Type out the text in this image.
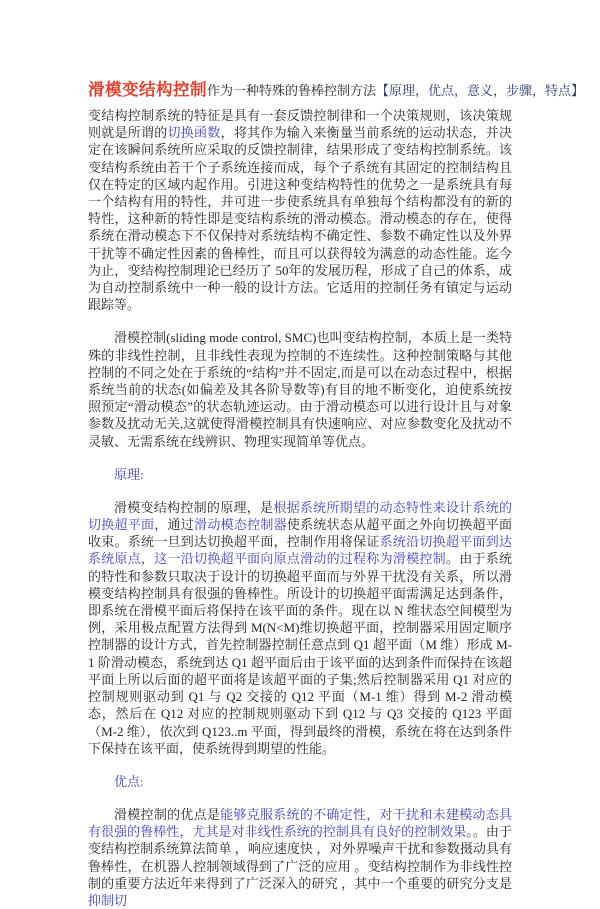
滑模变结构控制作为一种特殊的鲁棒控制方法【原理，优点，意义，步骤，特点】

变结构控制系统的特征是具有一套反馈控制律和一个决策规则，该决策规则就是所谓的切换函数，将其作为输入来衡量当前系统的运动状态，并决定在该瞬间系统所应采取的反馈控制律，结果形成了变结构控制系统。该变结构系统由若干个子系统连接而成，每个子系统有其固定的控制结构且仅在特定的区域内起作用。引进这种变结构特性的优势之一是系统具有每一个结构有用的特性，并可进一步使系统具有单独每个结构都没有的新的特性，这种新的特性即是变结构系统的滑动模态。滑动模态的存在，使得系统在滑动模态下不仅保持对系统结构不确定性、参数不确定性以及外界干扰等不确定性因素的鲁棒性，而且可以获得较为满意的动态性能。迄今为止，变结构控制理论已经历了 50年的发展历程，形成了自己的体系，成为自动控制系统中一种一般的设计方法。它适用的控制任务有镇定与运动跟踪等。

滑模控制(sliding mode control, SMC)也叫变结构控制，本质上是一类特殊的非线性控制，且非线性表现为控制的不连续性。这种控制策略与其他控制的不同之处在于系统的“结构”并不固定,而是可以在动态过程中，根据系统当前的状态(如偏差及其各阶导数等)有目的地不断变化，迫使系统按照预定“滑动模态”的状态轨迹运动。由于滑动模态可以进行设计且与对象参数及扰动无关,这就使得滑模控制具有快速响应、对应参数变化及扰动不灵敏、无需系统在线辨识、物理实现简单等优点。

原理:

滑模变结构控制的原理，是根据系统所期望的动态特性来设计系统的切换超平面，通过滑动模态控制器使系统状态从超平面之外向切换超平面收束。系统一旦到达切换超平面，控制作用将保证系统沿切换超平面到达系统原点，这一沿切换超平面向原点滑动的过程称为滑模控制。由于系统的特性和参数只取决于设计的切换超平面而与外界干扰没有关系，所以滑模变结构控制具有很强的鲁棒性。所设计的切换超平面需满足达到条件，即系统在滑模平面后将保持在该平面的条件。现在以 N 维状态空间模型为例，采用极点配置方法得到 M(N<M)维切换超平面，控制器采用固定顺序控制器的设计方式，首先控制器控制任意点到 Q1 超平面（M 维）形成 M-1 阶滑动模态，系统到达 Q1 超平面后由于该平面的达到条件而保持在该超平面上所以后面的超平面将是该超平面的子集;然后控制器采用 Q1 对应的控制规则驱动到 Q1 与 Q2 交接的 Q12 平面（M-1 维）得到 M-2 滑动模态，然后在 Q12 对应的控制规则驱动下到 Q12 与 Q3 交接的 Q123 平面（M-2 维），依次到 Q123..m 平面，得到最终的滑模，系统在将在达到条件下保持在该平面，使系统得到期望的性能。

优点:

滑模控制的优点是能够克服系统的不确定性，对干扰和未建模动态具有很强的鲁棒性，尤其是对非线性系统的控制具有良好的控制效果。。由于变结构控制系统算法简单 ，响应速度快 ，对外界噪声干扰和参数摄动具有鲁棒性，在机器人控制领域得到了广泛的应用 。变结构控制作为非线性控制的重要方法近年来得到了广泛深入的研究 ，其中一个重要的研究分支是抑制切
